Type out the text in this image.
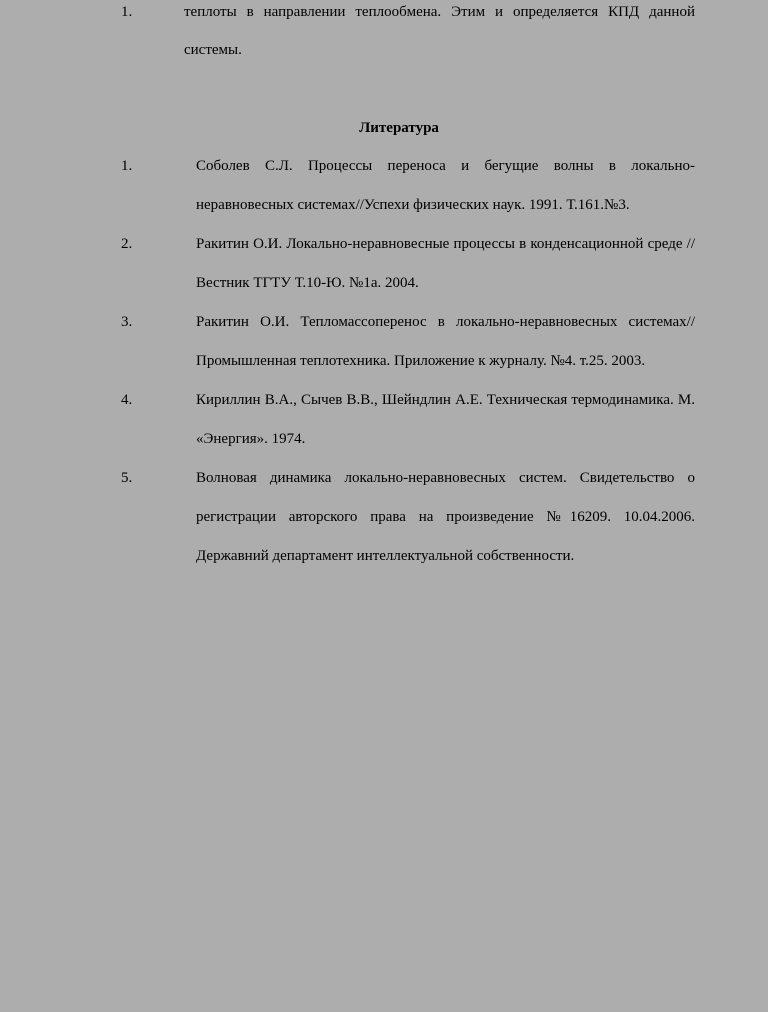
1.	теплоты в направлении теплообмена. Этим и определяется КПД данной
системы.
Литература
1.	Соболев С.Л. Процессы переноса и бегущие волны в локально-неравновесных системах//Успехи физических наук. 1991. Т.161.№3.
2.	Ракитин О.И. Локально-неравновесные процессы в конденсационной среде //Вестник ТГТУ Т.10-Ю. №1а. 2004.
3.	Ракитин О.И. Тепломассоперенос в локально-неравновесных системах// Промышленная теплотехника. Приложение к журналу. №4. т.25. 2003.
4.	Кириллин В.А., Сычев В.В., Шейндлин А.Е. Техническая термодинамика. М. «Энергия». 1974.
5.	Волновая динамика локально-неравновесных систем. Свидетельство о регистрации авторского права на произведение №16209. 10.04.2006. Державний департамент интеллектуальной собственности.
